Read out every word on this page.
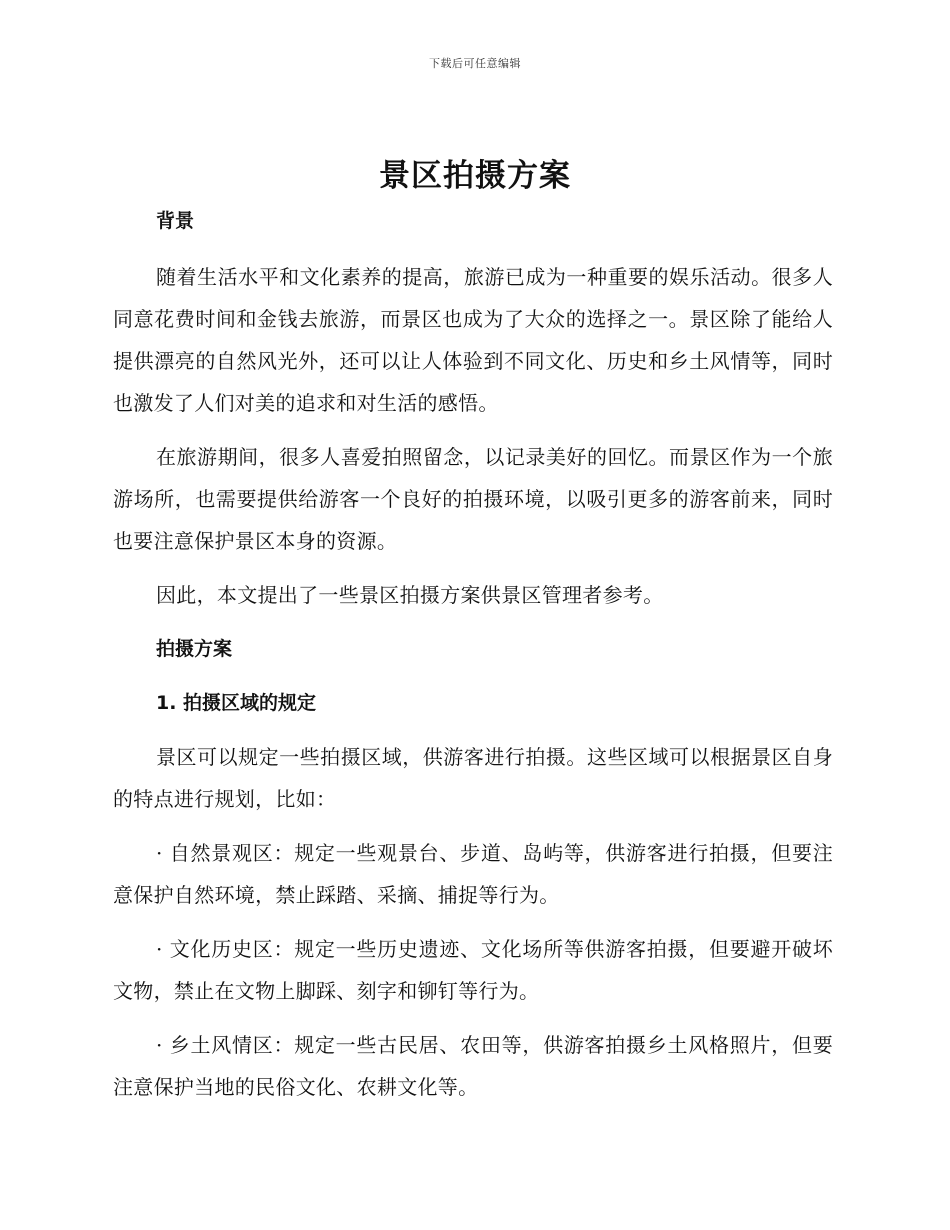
下载后可任意编辑
景区拍摄方案
背景

随着生活水平和文化素养的提高，旅游已成为一种重要的娱乐活动。很多人同意花费时间和金钱去旅游，而景区也成为了大众的选择之一。景区除了能给人提供漂亮的自然风光外，还可以让人体验到不同文化、历史和乡土风情等，同时也激发了人们对美的追求和对生活的感悟。

在旅游期间，很多人喜爱拍照留念，以记录美好的回忆。而景区作为一个旅游场所，也需要提供给游客一个良好的拍摄环境，以吸引更多的游客前来，同时也要注意保护景区本身的资源。

因此，本文提出了一些景区拍摄方案供景区管理者参考。

拍摄方案
1. 拍摄区域的规定

景区可以规定一些拍摄区域，供游客进行拍摄。这些区域可以根据景区自身的特点进行规划，比如：

· 自然景观区：规定一些观景台、步道、岛屿等，供游客进行拍摄，但要注意保护自然环境，禁止踩踏、采摘、捕捉等行为。

· 文化历史区：规定一些历史遗迹、文化场所等供游客拍摄，但要避开破坏文物，禁止在文物上脚踩、刻字和铆钉等行为。

· 乡土风情区：规定一些古民居、农田等，供游客拍摄乡土风格照片，但要注意保护当地的民俗文化、农耕文化等。
